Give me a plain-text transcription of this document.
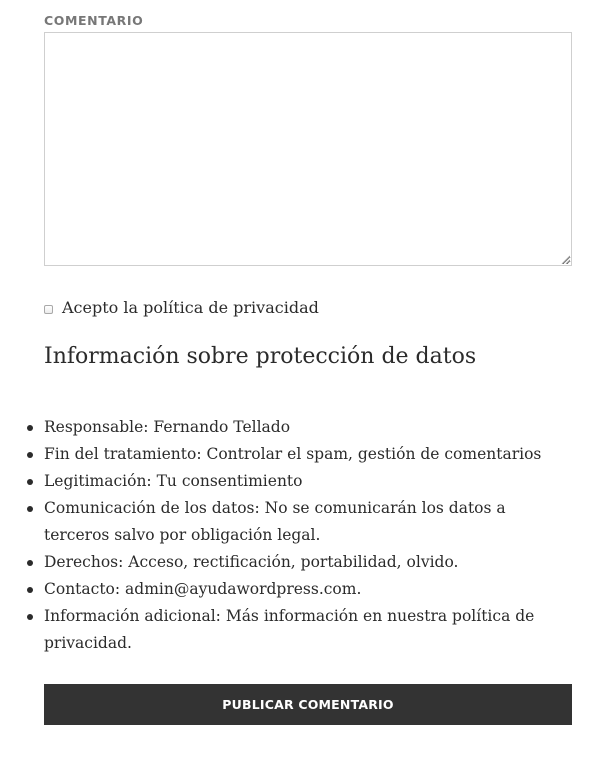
COMENTARIO
Acepto la política de privacidad
Información sobre protección de datos
Responsable: Fernando Tellado
Fin del tratamiento: Controlar el spam, gestión de comentarios
Legitimación: Tu consentimiento
Comunicación de los datos: No se comunicarán los datos a terceros salvo por obligación legal.
Derechos: Acceso, rectificación, portabilidad, olvido.
Contacto: admin@ayudawordpress.com.
Información adicional: Más información en nuestra política de privacidad.
PUBLICAR COMENTARIO
